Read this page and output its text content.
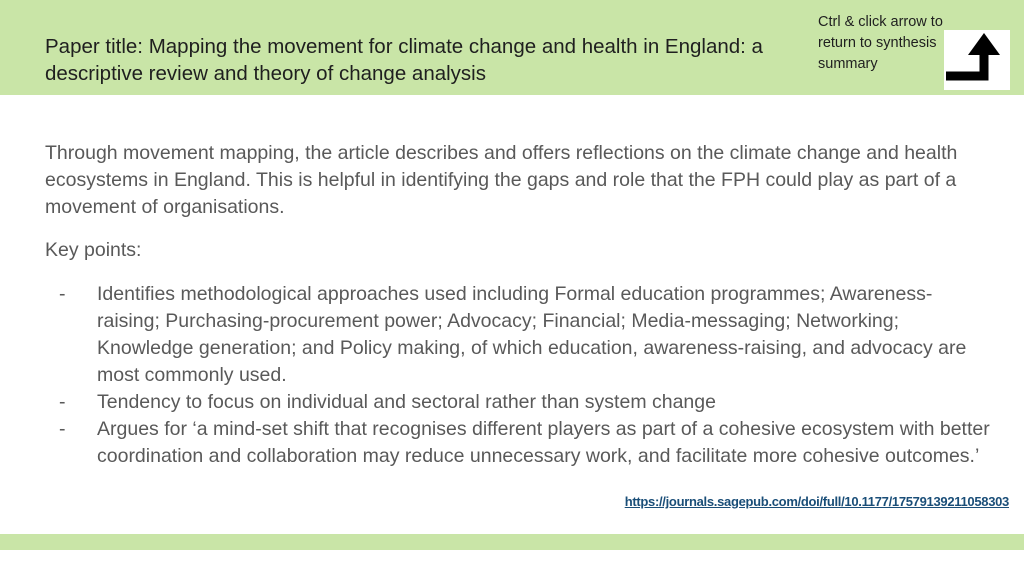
Paper title: Mapping the movement for climate change and health in England: a descriptive review and theory of change analysis
Ctrl & click arrow to return to synthesis summary
Through movement mapping, the article describes and offers reflections on the climate change and health ecosystems in England. This is helpful in identifying the gaps and role that the FPH could play as part of a movement of organisations.
Key points:
- Identifies methodological approaches used including Formal education programmes; Awareness-raising; Purchasing-procurement power; Advocacy; Financial; Media-messaging; Networking; Knowledge generation; and Policy making, of which education, awareness-raising, and advocacy are most commonly used.
- Tendency to focus on individual and sectoral rather than system change
- Argues for ‘a mind-set shift that recognises different players as part of a cohesive ecosystem with better coordination and collaboration may reduce unnecessary work, and facilitate more cohesive outcomes.’
https://journals.sagepub.com/doi/full/10.1177/17579139211058303
